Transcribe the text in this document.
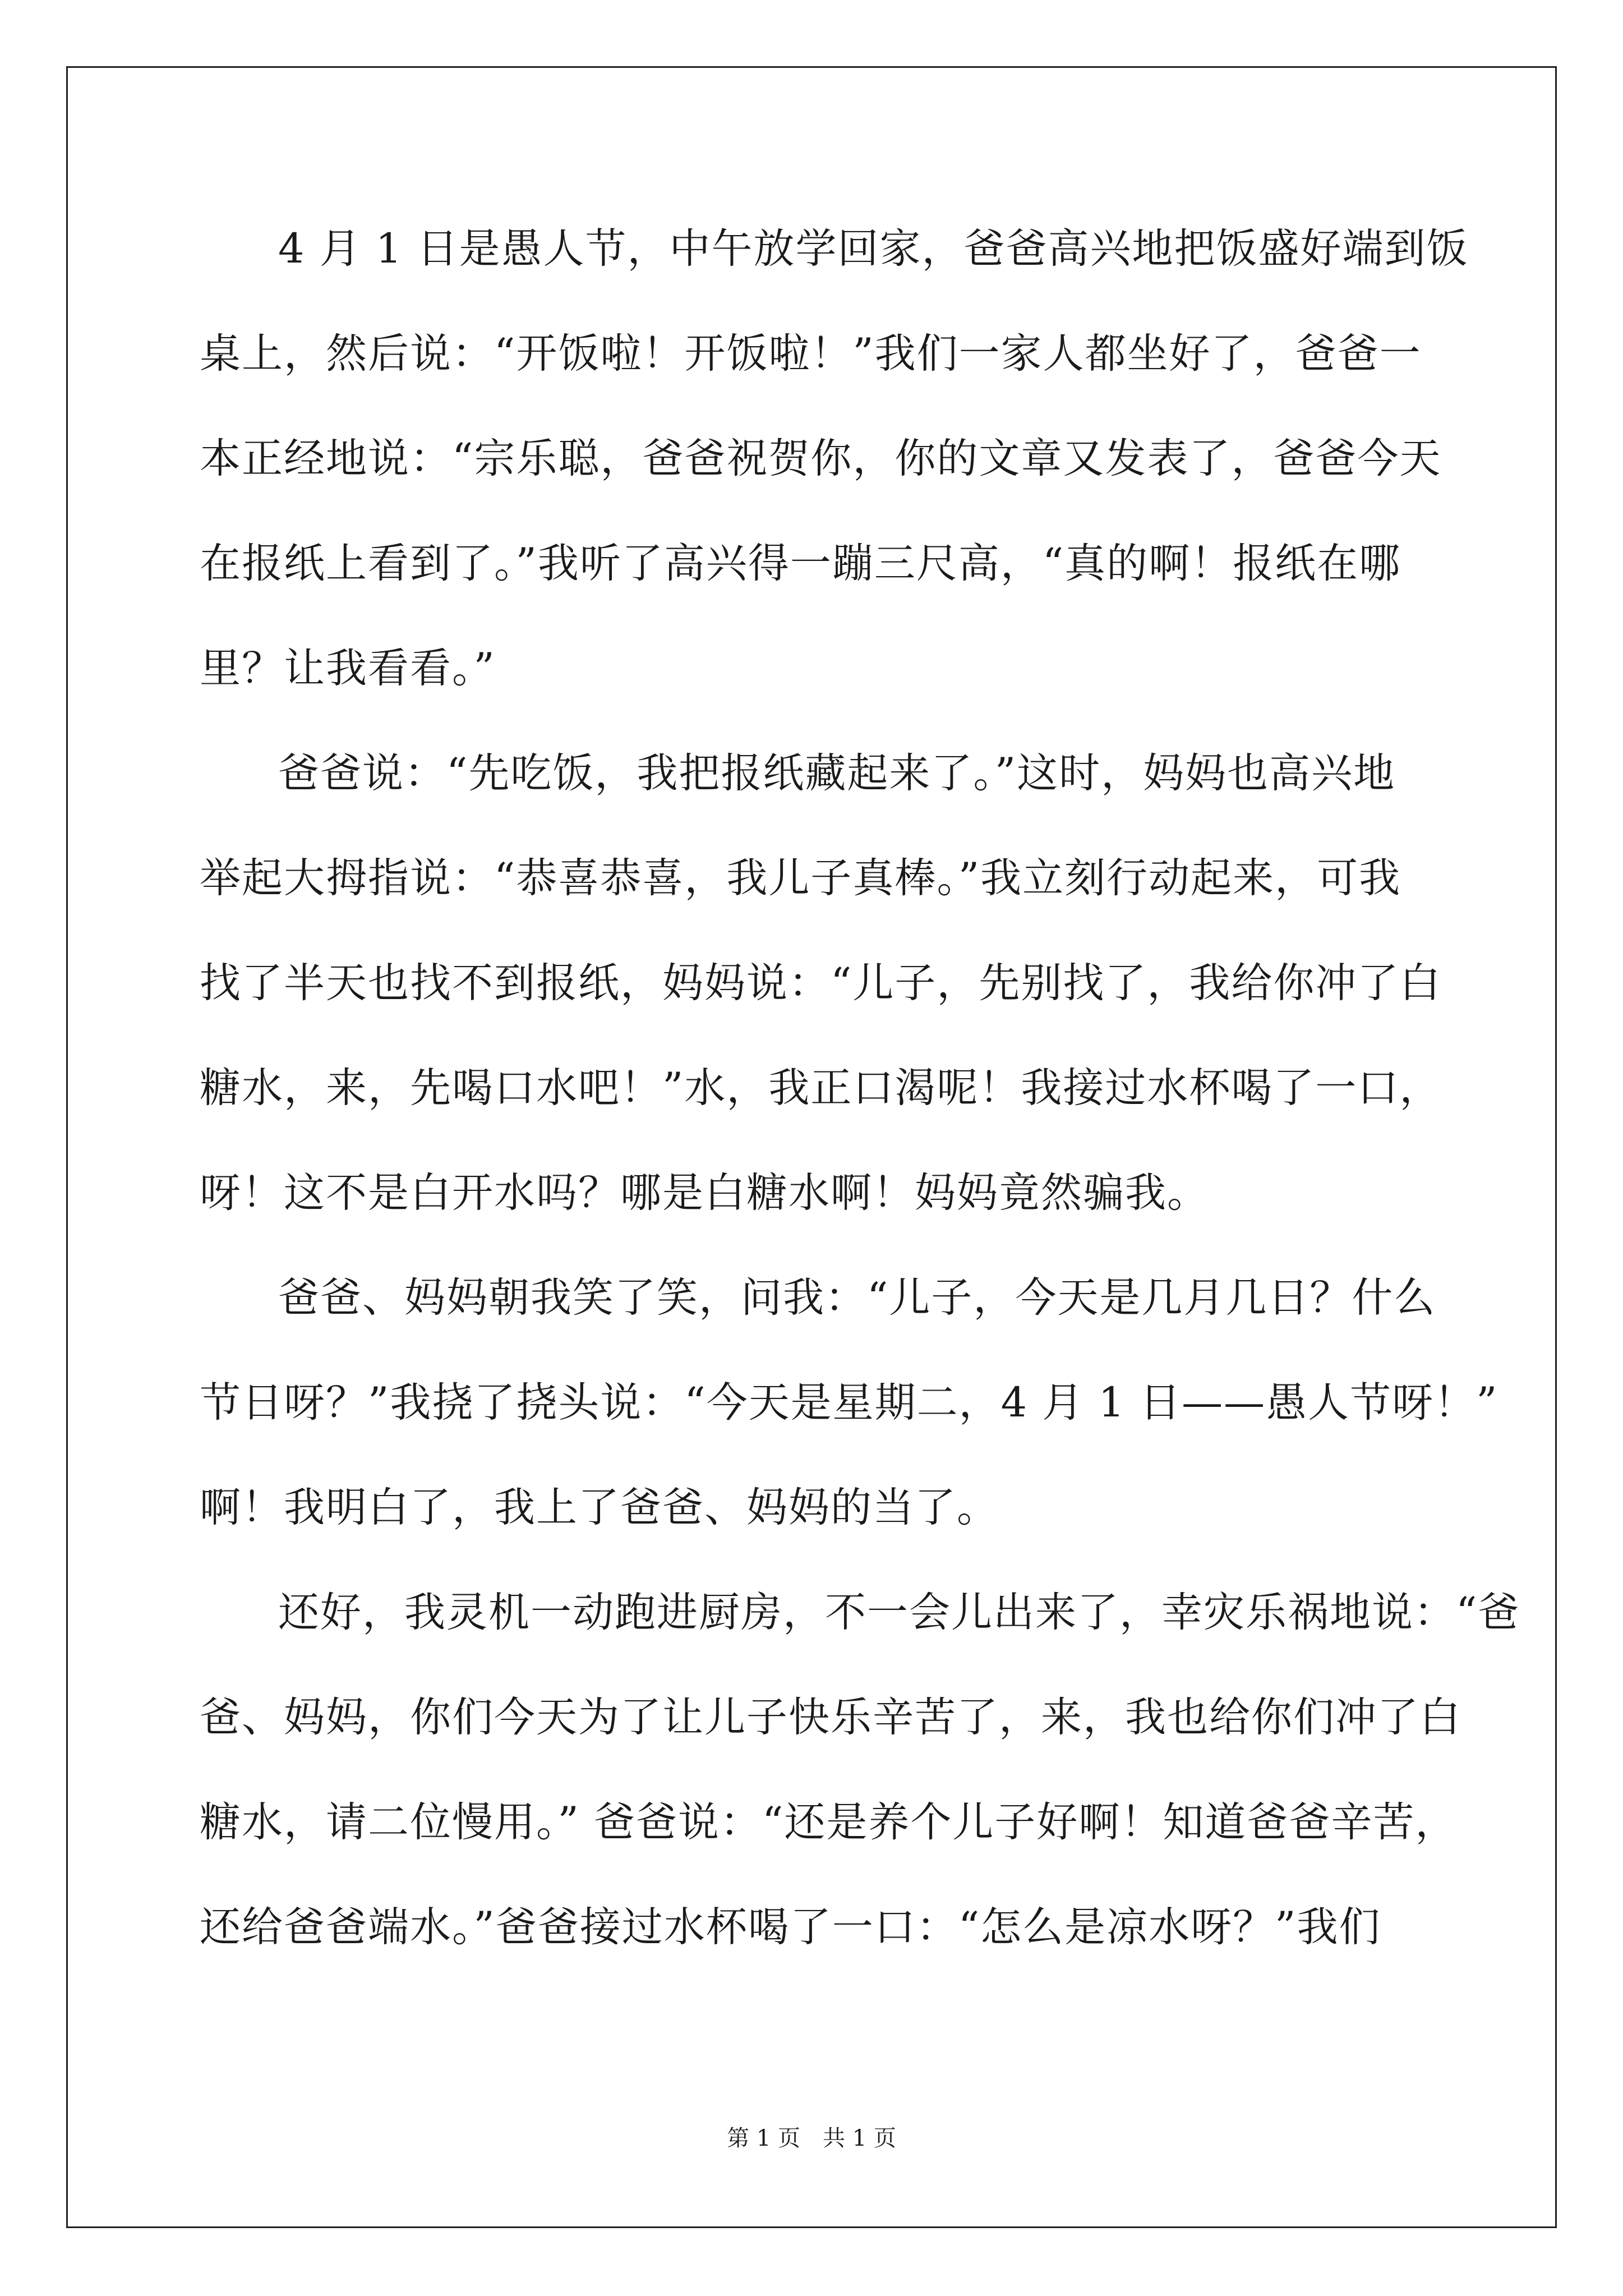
4 月 1 日是愚人节，中午放学回家，爸爸高兴地把饭盛好端到饭
桌上，然后说：“开饭啦！开饭啦！”我们一家人都坐好了，爸爸一
本正经地说：“宗乐聪，爸爸祝贺你，你的文章又发表了，爸爸今天
在报纸上看到了。”我听了高兴得一蹦三尺高，“真的啊！报纸在哪
里？让我看看。”
爸爸说：“先吃饭，我把报纸藏起来了。”这时，妈妈也高兴地
举起大拇指说：“恭喜恭喜，我儿子真棒。”我立刻行动起来，可我
找了半天也找不到报纸，妈妈说：“儿子，先别找了，我给你冲了白
糖水，来，先喝口水吧！”水，我正口渴呢！我接过水杯喝了一口，
呀！这不是白开水吗？哪是白糖水啊！妈妈竟然骗我。
爸爸、妈妈朝我笑了笑，问我：“儿子，今天是几月几日？什么
节日呀？”我挠了挠头说：“今天是星期二，4 月 1 日——愚人节呀！”
啊！我明白了，我上了爸爸、妈妈的当了。
还好，我灵机一动跑进厨房，不一会儿出来了，幸灾乐祸地说：“爸
爸、妈妈，你们今天为了让儿子快乐辛苦了，来，我也给你们冲了白
糖水，请二位慢用。” 爸爸说：“还是养个儿子好啊！知道爸爸辛苦，
还给爸爸端水。”爸爸接过水杯喝了一口：“怎么是凉水呀？”我们
第 1 页　共 1 页
